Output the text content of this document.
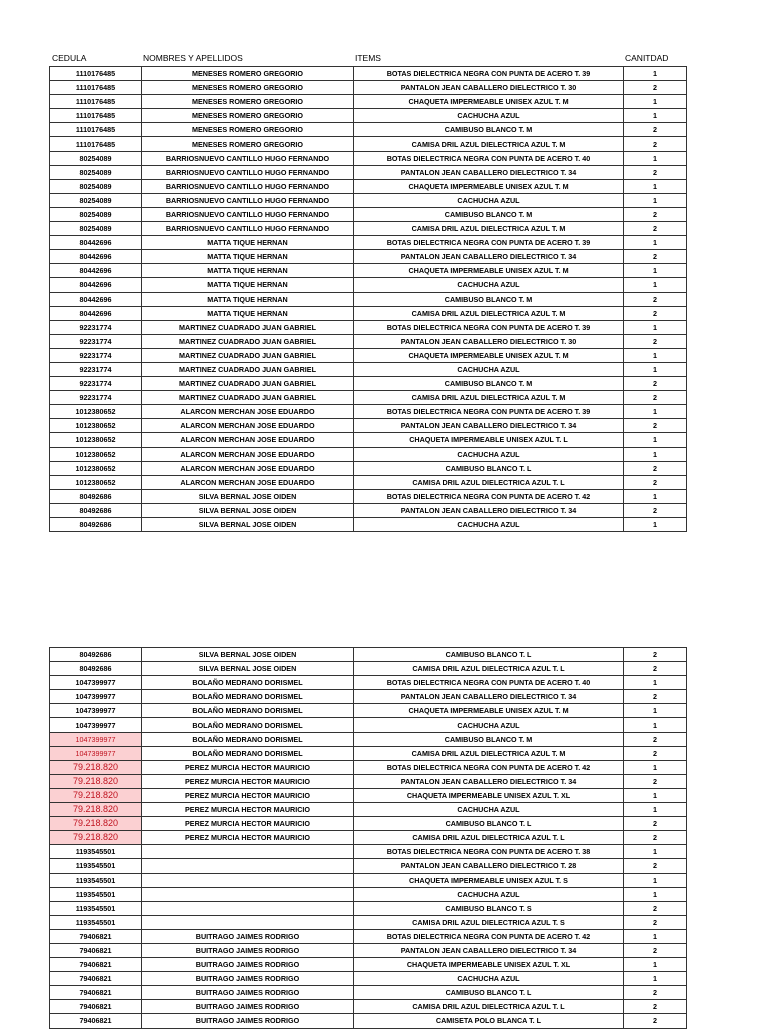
CEDULA	NOMBRES Y APELLIDOS	ITEMS	CANITDAD
1110176485	MENESES ROMERO GREGORIO	BOTAS DIELECTRICA NEGRA CON PUNTA DE ACERO T. 39	1
1110176485	MENESES ROMERO GREGORIO	PANTALON JEAN CABALLERO DIELECTRICO T. 30	2
1110176485	MENESES ROMERO GREGORIO	CHAQUETA IMPERMEABLE UNISEX AZUL T. M	1
1110176485	MENESES ROMERO GREGORIO	CACHUCHA AZUL	1
1110176485	MENESES ROMERO GREGORIO	CAMIBUSO BLANCO T. M	2
1110176485	MENESES ROMERO GREGORIO	CAMISA DRIL AZUL DIELECTRICA AZUL T. M	2
80254089	BARRIOSNUEVO CANTILLO HUGO FERNANDO	BOTAS DIELECTRICA NEGRA CON PUNTA DE ACERO T. 40	1
80254089	BARRIOSNUEVO CANTILLO HUGO FERNANDO	PANTALON JEAN CABALLERO DIELECTRICO T. 34	2
80254089	BARRIOSNUEVO CANTILLO HUGO FERNANDO	CHAQUETA IMPERMEABLE UNISEX AZUL T. M	1
80254089	BARRIOSNUEVO CANTILLO HUGO FERNANDO	CACHUCHA AZUL	1
80254089	BARRIOSNUEVO CANTILLO HUGO FERNANDO	CAMIBUSO BLANCO T. M	2
80254089	BARRIOSNUEVO CANTILLO HUGO FERNANDO	CAMISA DRIL AZUL DIELECTRICA AZUL T. M	2
80442696	MATTA TIQUE HERNAN	BOTAS DIELECTRICA NEGRA CON PUNTA DE ACERO T. 39	1
80442696	MATTA TIQUE HERNAN	PANTALON JEAN CABALLERO DIELECTRICO T. 34	2
80442696	MATTA TIQUE HERNAN	CHAQUETA IMPERMEABLE UNISEX AZUL T. M	1
80442696	MATTA TIQUE HERNAN	CACHUCHA AZUL	1
80442696	MATTA TIQUE HERNAN	CAMIBUSO BLANCO T. M	2
80442696	MATTA TIQUE HERNAN	CAMISA DRIL AZUL DIELECTRICA AZUL T. M	2
92231774	MARTINEZ CUADRADO JUAN GABRIEL	BOTAS DIELECTRICA NEGRA CON PUNTA DE ACERO T. 39	1
92231774	MARTINEZ CUADRADO JUAN GABRIEL	PANTALON JEAN CABALLERO DIELECTRICO T. 30	2
92231774	MARTINEZ CUADRADO JUAN GABRIEL	CHAQUETA IMPERMEABLE UNISEX AZUL T. M	1
92231774	MARTINEZ CUADRADO JUAN GABRIEL	CACHUCHA AZUL	1
92231774	MARTINEZ CUADRADO JUAN GABRIEL	CAMIBUSO BLANCO T. M	2
92231774	MARTINEZ CUADRADO JUAN GABRIEL	CAMISA DRIL AZUL DIELECTRICA AZUL T. M	2
1012380652	ALARCON MERCHAN JOSE EDUARDO	BOTAS DIELECTRICA NEGRA CON PUNTA DE ACERO T. 39	1
1012380652	ALARCON MERCHAN JOSE EDUARDO	PANTALON JEAN CABALLERO DIELECTRICO T. 34	2
1012380652	ALARCON MERCHAN JOSE EDUARDO	CHAQUETA IMPERMEABLE UNISEX AZUL T. L	1
1012380652	ALARCON MERCHAN JOSE EDUARDO	CACHUCHA AZUL	1
1012380652	ALARCON MERCHAN JOSE EDUARDO	CAMIBUSO BLANCO T. L	2
1012380652	ALARCON MERCHAN JOSE EDUARDO	CAMISA DRIL AZUL DIELECTRICA AZUL T. L	2
80492686	SILVA BERNAL JOSE OIDEN	BOTAS DIELECTRICA NEGRA CON PUNTA DE ACERO T. 42	1
80492686	SILVA BERNAL JOSE OIDEN	PANTALON JEAN CABALLERO DIELECTRICO T. 34	2
80492686	SILVA BERNAL JOSE OIDEN	CACHUCHA AZUL	1
80492686	SILVA BERNAL JOSE OIDEN	CAMIBUSO BLANCO T. L	2
80492686	SILVA BERNAL JOSE OIDEN	CAMISA DRIL AZUL DIELECTRICA AZUL T. L	2
1047399977	BOLAÑO MEDRANO DORISMEL	BOTAS DIELECTRICA NEGRA CON PUNTA DE ACERO T. 40	1
1047399977	BOLAÑO MEDRANO DORISMEL	PANTALON JEAN CABALLERO DIELECTRICO T. 34	2
1047399977	BOLAÑO MEDRANO DORISMEL	CHAQUETA IMPERMEABLE UNISEX AZUL T. M	1
1047399977	BOLAÑO MEDRANO DORISMEL	CACHUCHA AZUL	1
1047399977	BOLAÑO MEDRANO DORISMEL	CAMIBUSO BLANCO T. M	2
1047399977	BOLAÑO MEDRANO DORISMEL	CAMISA DRIL AZUL DIELECTRICA AZUL T. M	2
79.218.820	PEREZ MURCIA HECTOR MAURICIO	BOTAS DIELECTRICA NEGRA CON PUNTA DE ACERO T. 42	1
79.218.820	PEREZ MURCIA HECTOR MAURICIO	PANTALON JEAN CABALLERO DIELECTRICO T. 34	2
79.218.820	PEREZ MURCIA HECTOR MAURICIO	CHAQUETA IMPERMEABLE UNISEX AZUL T. XL	1
79.218.820	PEREZ MURCIA HECTOR MAURICIO	CACHUCHA AZUL	1
79.218.820	PEREZ MURCIA HECTOR MAURICIO	CAMIBUSO BLANCO T. L	2
79.218.820	PEREZ MURCIA HECTOR MAURICIO	CAMISA DRIL AZUL DIELECTRICA AZUL T. L	2
1193545501		BOTAS DIELECTRICA NEGRA CON PUNTA DE ACERO T. 38	1
1193545501		PANTALON JEAN CABALLERO DIELECTRICO T. 28	2
1193545501		CHAQUETA IMPERMEABLE UNISEX AZUL T. S	1
1193545501		CACHUCHA AZUL	1
1193545501		CAMIBUSO BLANCO T. S	2
1193545501		CAMISA DRIL AZUL DIELECTRICA AZUL T. S	2
79406821	BUITRAGO JAIMES RODRIGO	BOTAS DIELECTRICA NEGRA CON PUNTA DE ACERO T. 42	1
79406821	BUITRAGO JAIMES RODRIGO	PANTALON JEAN CABALLERO DIELECTRICO T. 34	2
79406821	BUITRAGO JAIMES RODRIGO	CHAQUETA IMPERMEABLE UNISEX AZUL T. XL	1
79406821	BUITRAGO JAIMES RODRIGO	CACHUCHA AZUL	1
79406821	BUITRAGO JAIMES RODRIGO	CAMIBUSO BLANCO T. L	2
79406821	BUITRAGO JAIMES RODRIGO	CAMISA DRIL AZUL DIELECTRICA AZUL T. L	2
79406821	BUITRAGO JAIMES RODRIGO	CAMISETA POLO BLANCA T. L	2
